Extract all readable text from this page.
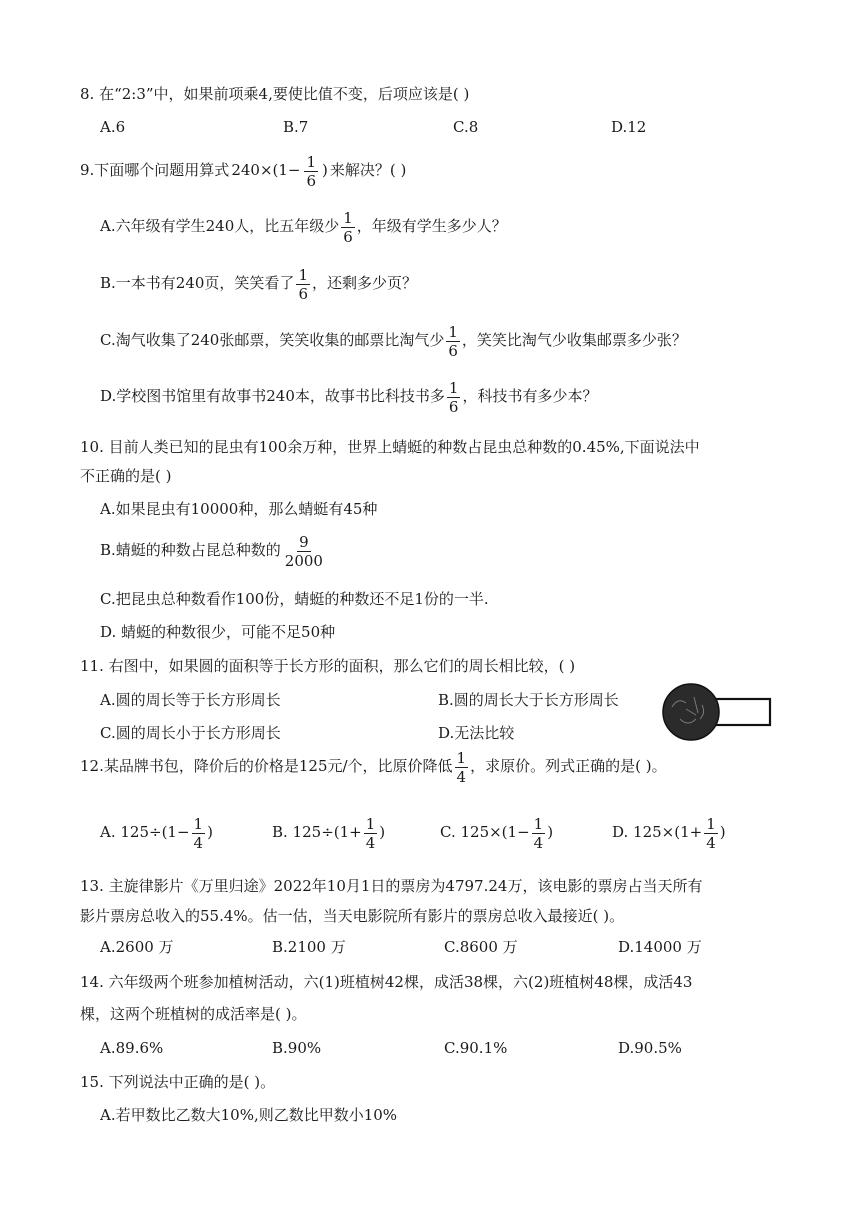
8. 在“2:3”中，如果前项乘4,要使比值不变，后项应该是( )
A.6	B.7	C.8	D.12
9.下面哪个问题用算式 $240\times(1- \frac{1}{6}$ ) 来解决？( )
A.六年级有学生240人，比五年级少 $\frac{1}{6}$ ，年级有学生多少人？
B.一本书有240页，笑笑看了 $\frac{1}{6}$ ，还剩多少页？
C.淘气收集了240张邮票，笑笑收集的邮票比淘气少 $\frac{1}{6}$ ，笑笑比淘气少收集邮票多少张？
D.学校图书馆里有故事书240本，故事书比科技书多 $\frac{1}{6}$ ，科技书有多少本？
10. 目前人类已知的昆虫有100余万种，世界上蜻蜓的种数占昆虫总种数的0.45%,下面说法中
不正确的是( )
A.如果昆虫有10000种，那么蜻蜓有45种
B.蜻蜓的种数占昆总种数的 $\frac{9}{2000}$
C.把昆虫总种数看作100份，蜻蜓的种数还不足1份的一半.
D. 蜻蜓的种数很少，可能不足50种
11. 右图中，如果圆的面积等于长方形的面积，那么它们的周长相比较，( )
A.圆的周长等于长方形周长	B.圆的周长大于长方形周长
C.圆的周长小于长方形周长	D.无法比较
12.某品牌书包，降价后的价格是125元/个，比原价降低 $\frac{1}{4}$ ，求原价。列式正确的是( )。
A. $125\div(1- \frac{1}{4}$ )	B. $125\div(1+ \frac{1}{4}$ )	C. $125\times(1- \frac{1}{4}$ )	D. $125\times(1+ \frac{1}{4}$ )
13. 主旋律影片《万里归途》2022年10月1日的票房为4797.24万，该电影的票房占当天所有
影片票房总收入的55.4%。估一估，当天电影院所有影片的票房总收入最接近( )。
A.2600 万	B.2100 万	C.8600 万	D.14000 万
14. 六年级两个班参加植树活动，六(1)班植树42棵，成活38棵，六(2)班植树48棵，成活43
棵，这两个班植树的成活率是( )。
A.89.6%	B.90%	C.90.1%	D.90.5%
15. 下列说法中正确的是( )。
A.若甲数比乙数大10%,则乙数比甲数小10%
